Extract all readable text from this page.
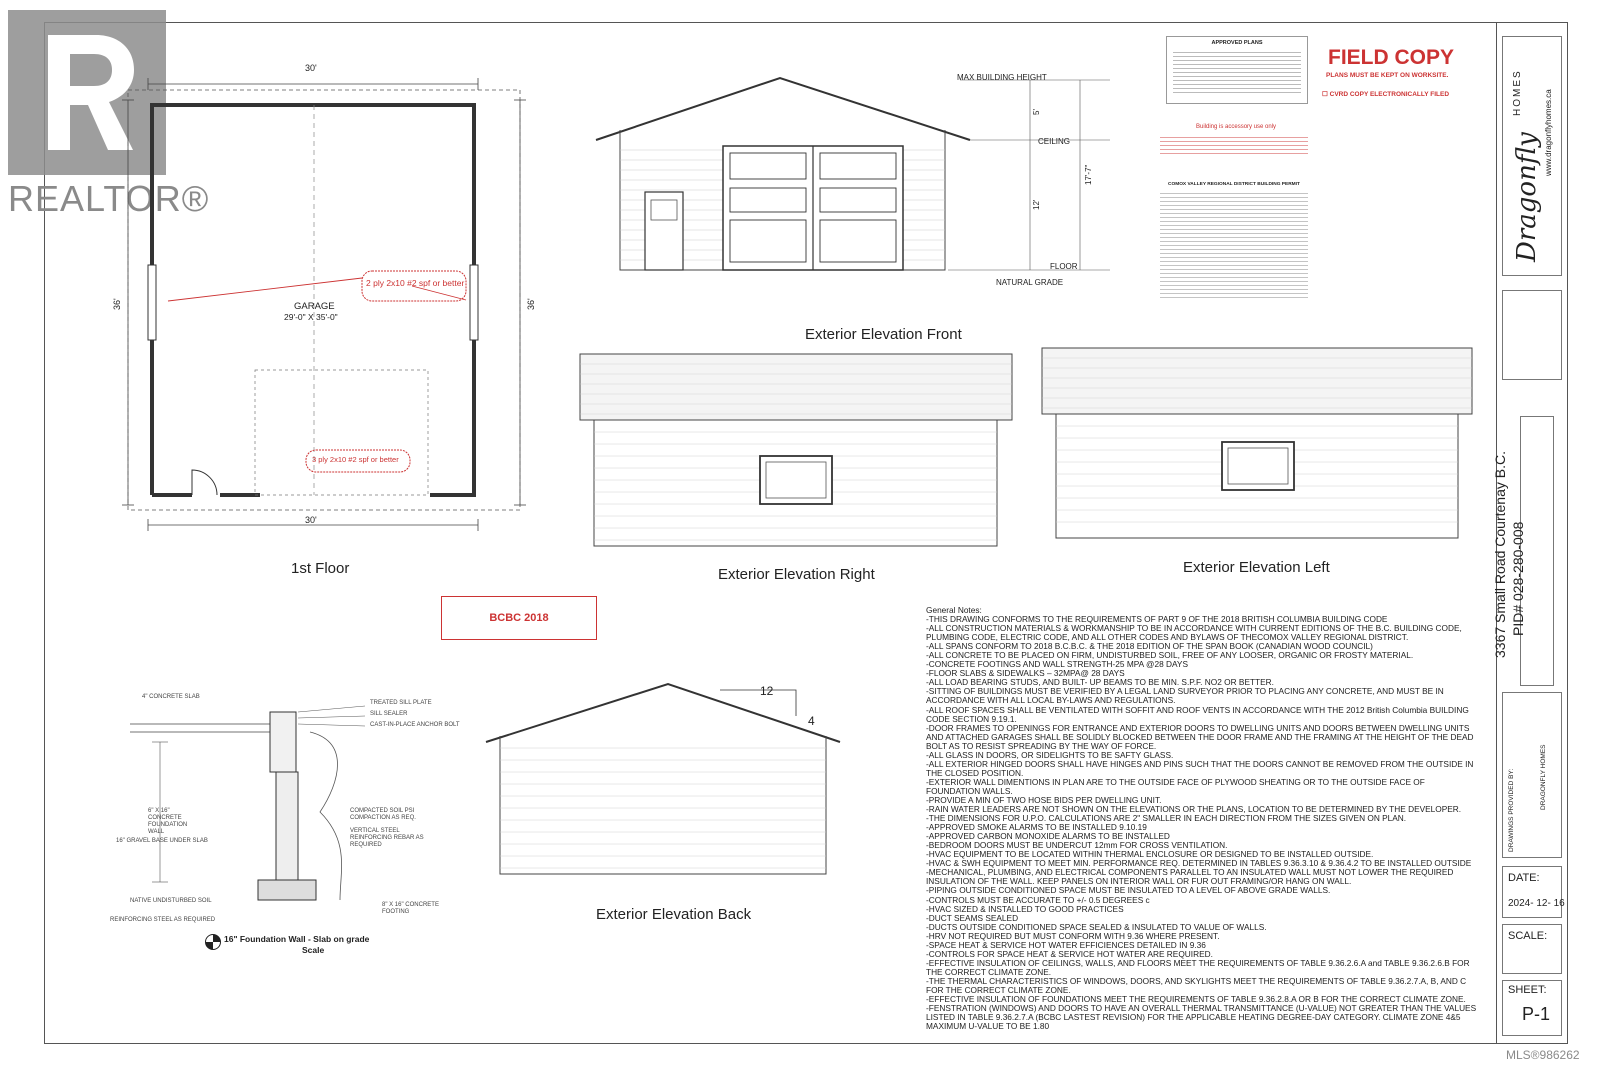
REALTOR®
30'
30'
36'	36'
GARAGE
29'-0" X 35'-0"
2 ply 2x10 #2 spf or better
3 ply 2x10 #2 spf or better
1st Floor
BCBC 2018
MAX BUILDING HEIGHT
CEILING
FLOOR
NATURAL GRADE
5'
12'
17'-7"
Exterior Elevation Front
Exterior Elevation Right	Exterior Elevation Left
12
4
Exterior Elevation Back
4" CONCRETE SLAB
TREATED SILL PLATE
SILL SEALER
CAST-IN-PLACE ANCHOR BOLT
6" X 16" CONCRETE FOUNDATION WALL
COMPACTED SOIL PSI COMPACTION AS REQ.
VERTICAL STEEL REINFORCING REBAR AS REQUIRED
16" GRAVEL BASE UNDER SLAB
NATIVE UNDISTURBED SOIL
8" X 16" CONCRETE FOOTING
REINFORCING STEEL AS REQUIRED
16" Foundation Wall - Slab on grade
Scale
APPROVED PLANS
FIELD COPY
PLANS MUST BE KEPT ON WORKSITE.
☐ CVRD COPY ELECTRONICALLY FILED
Building is accessory use only
COMOX VALLEY REGIONAL DISTRICT BUILDING PERMIT
General Notes:
-THIS DRAWING CONFORMS TO THE REQUIREMENTS OF PART 9 OF THE 2018 BRITISH COLUMBIA BUILDING CODE
-ALL CONSTRUCTION MATERIALS & WORKMANSHIP TO BE IN ACCORDANCE WITH CURRENT EDITIONS OF THE B.C. BUILDING CODE, PLUMBING CODE, ELECTRIC CODE, AND ALL OTHER CODES AND BYLAWS OF THECOMOX VALLEY REGIONAL DISTRICT.
-ALL SPANS CONFORM TO 2018 B.C.B.C. & THE 2018 EDITION OF THE SPAN BOOK (CANADIAN WOOD COUNCIL)
-ALL CONCRETE TO BE PLACED ON FIRM, UNDISTURBED SOIL, FREE OF ANY LOOSER, ORGANIC OR FROSTY MATERIAL.
-CONCRETE FOOTINGS AND WALL STRENGTH-25 MPA @28 DAYS
-FLOOR SLABS & SIDEWALKS – 32MPA@ 28 DAYS
-ALL LOAD BEARING STUDS, AND BUILT- UP BEAMS TO BE MIN. S.P.F. NO2 OR BETTER.
-SITTING OF BUILDINGS MUST BE VERIFIED BY A LEGAL LAND SURVEYOR PRIOR TO PLACING ANY CONCRETE, AND MUST BE IN ACCORDANCE WITH ALL LOCAL BY-LAWS AND REGULATIONS.
-ALL ROOF SPACES SHALL BE VENTILATED WITH SOFFIT AND ROOF VENTS IN ACCORDANCE WITH THE 2012 British Columbia BUILDING CODE SECTION 9.19.1.
-DOOR FRAMES TO OPENINGS FOR ENTRANCE AND EXTERIOR DOORS TO DWELLING UNITS AND DOORS BETWEEN DWELLING UNITS AND ATTACHED GARAGES SHALL BE SOLIDLY BLOCKED BETWEEN THE DOOR FRAME AND THE FRAMING AT THE HEIGHT OF THE DEAD BOLT AS TO RESIST SPREADING BY THE WAY OF FORCE.
-ALL GLASS IN DOORS, OR SIDELIGHTS TO BE SAFTY GLASS.
-ALL EXTERIOR HINGED DOORS SHALL HAVE HINGES AND PINS SUCH THAT THE DOORS CANNOT BE REMOVED FROM THE OUTSIDE IN THE CLOSED POSITION.
-EXTERIOR WALL DIMENTIONS IN PLAN ARE TO THE OUTSIDE FACE OF PLYWOOD SHEATING OR TO THE OUTSIDE FACE OF FOUNDATION WALLS.
-PROVIDE A MIN OF TWO HOSE BIDS PER DWELLING UNIT.
-RAIN WATER LEADERS ARE NOT SHOWN ON THE ELEVATIONS OR THE PLANS, LOCATION TO BE DETERMINED BY THE DEVELOPER.
-THE DIMENSIONS FOR U.P.O. CALCULATIONS ARE 2" SMALLER IN EACH DIRECTION FROM THE SIZES GIVEN ON PLAN.
-APPROVED SMOKE ALARMS TO BE INSTALLED 9.10.19
-APPROVED CARBON MONOXIDE ALARMS TO BE INSTALLED
-BEDROOM DOORS MUST BE UNDERCUT 12mm FOR CROSS VENTILATION.
-HVAC EQUIPMENT TO BE LOCATED WITHIN THERMAL ENCLOSURE OR DESIGNED TO BE INSTALLED OUTSIDE.
-HVAC & SWH EQUIPMENT TO MEET MIN. PERFORMANCE REQ. DETERMINED IN TABLES 9.36.3.10 & 9.36.4.2 TO BE INSTALLED OUTSIDE
-MECHANICAL, PLUMBING, AND ELECTRICAL COMPONENTS PARALLEL TO AN INSULATED WALL MUST NOT LOWER THE REQUIRED INSULATION OF THE WALL. KEEP PANELS ON INTERIOR WALL OR FUR OUT FRAMING/OR HANG ON WALL.
-PIPING OUTSIDE CONDITIONED SPACE MUST BE INSULATED TO A LEVEL OF ABOVE GRADE WALLS.
-CONTROLS MUST BE ACCURATE TO +/- 0.5 DEGREES c
-HVAC SIZED & INSTALLED TO GOOD PRACTICES
-DUCT SEAMS SEALED
-DUCTS OUTSIDE CONDITIONED SPACE SEALED & INSULATED TO VALUE OF WALLS.
-HRV NOT REQUIRED BUT MUST CONFORM WITH 9.36 WHERE PRESENT.
-SPACE HEAT & SERVICE HOT WATER EFFICIENCES DETAILED IN 9.36
-CONTROLS FOR SPACE HEAT & SERVICE HOT WATER ARE REQUIRED.
-EFFECTIVE INSULATION OF CEILINGS, WALLS, AND FLOORS MEET THE REQUIREMENTS OF TABLE 9.36.2.6.A and TABLE 9.36.2.6.B FOR THE CORRECT CLIMATE ZONE.
-THE THERMAL CHARACTERISTICS OF WINDOWS, DOORS, AND SKYLIGHTS MEET THE REQUIREMENTS OF TABLE 9.36.2.7.A, B, AND C FOR THE CORRECT CLIMATE ZONE.
-EFFECTIVE INSULATION OF FOUNDATIONS MEET THE REQUIREMENTS OF TABLE 9.36.2.8.A OR B FOR THE CORRECT CLIMATE ZONE.
-FENSTRATION (WINDOWS) AND DOORS TO HAVE AN OVERALL THERMAL TRANSMITTANCE (U-VALUE) NOT GREATER THAN THE VALUES LISTED IN TABLE 9.36.2.7.A (BCBC LASTEST REVISION) FOR THE APPLICABLE HEATING DEGREE-DAY CATEGORY. CLIMATE ZONE 4&5 MAXIMUM U-VALUE TO BE 1.80
Dragonfly
HOMES	www.dragonflyhomes.ca
3367 Small Road Courtenay B.C. PID# 028-280-008
DRAWINGS PROVIDED BY:	DRAGONFLY HOMES
DATE:
2024- 12- 16
SCALE:
SHEET:
P-1
MLS®986262
